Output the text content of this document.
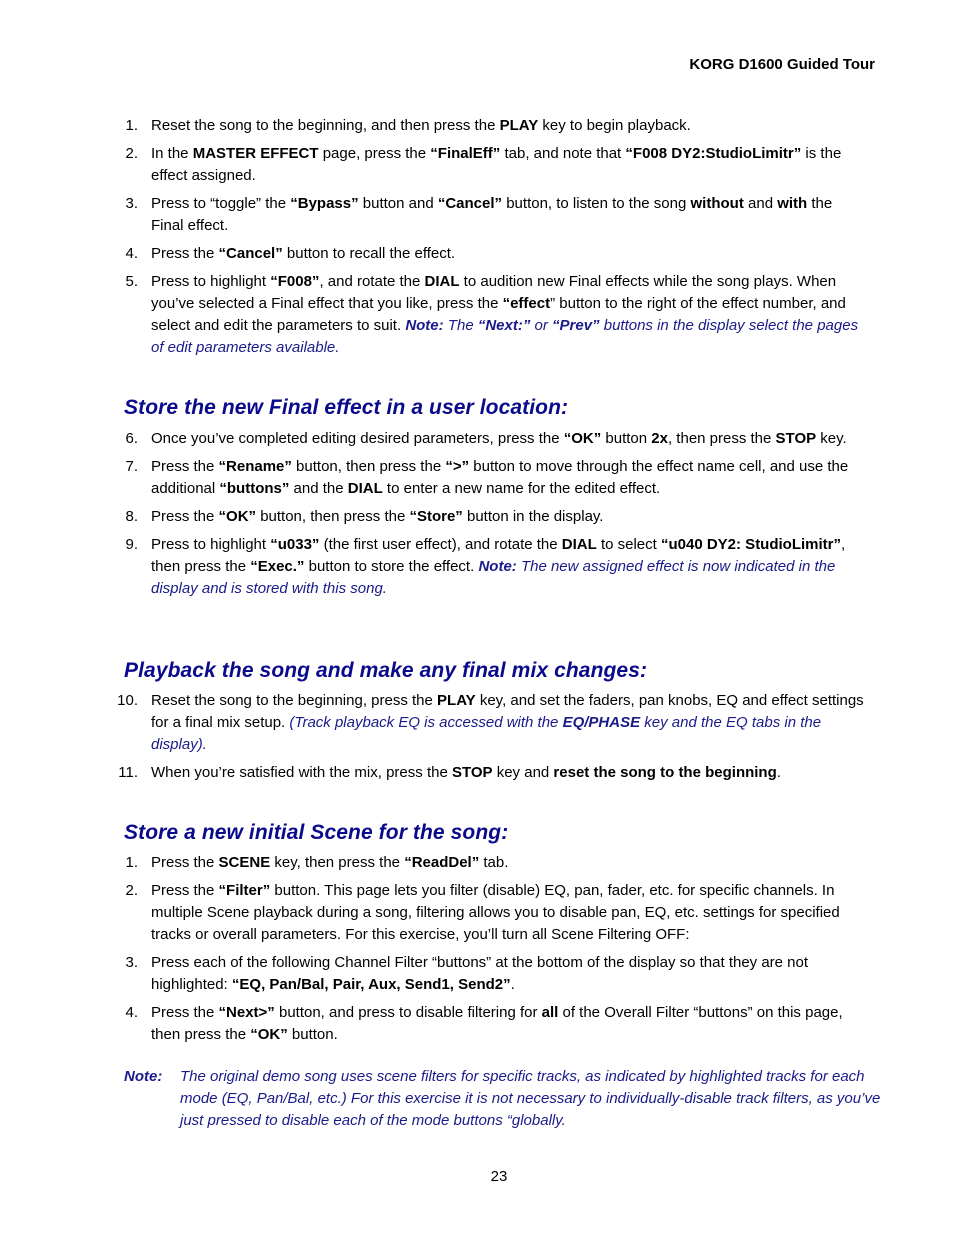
KORG D1600 Guided Tour
1. Reset the song to the beginning, and then press the PLAY key to begin playback.
2. In the MASTER EFFECT page, press the “FinalEff” tab, and note that “F008 DY2:StudioLimitr” is the effect assigned.
3. Press to “toggle” the “Bypass” button and “Cancel” button, to listen to the song without and with the Final effect.
4. Press the “Cancel” button to recall the effect.
5. Press to highlight “F008”, and rotate the DIAL to audition new Final effects while the song plays. When you’ve selected a Final effect that you like, press the “effect” button to the right of the effect number, and select and edit the parameters to suit. Note: The “Next:” or “Prev” buttons in the display select the pages of edit parameters available.
Store the new Final effect in a user location:
6. Once you’ve completed editing desired parameters, press the “OK” button 2x, then press the STOP key.
7. Press the “Rename” button, then press the “>” button to move through the effect name cell, and use the additional “buttons” and the DIAL to enter a new name for the edited effect.
8. Press the “OK” button, then press the “Store” button in the display.
9. Press to highlight “u033” (the first user effect), and rotate the DIAL to select “u040 DY2: StudioLimitr”, then press the “Exec.” button to store the effect. Note: The new assigned effect is now indicated in the display and is stored with this song.
Playback the song and make any final mix changes:
10. Reset the song to the beginning, press the PLAY key, and set the faders, pan knobs, EQ and effect settings for a final mix setup. (Track playback EQ is accessed with the EQ/PHASE key and the EQ tabs in the display).
11. When you’re satisfied with the mix, press the STOP key and reset the song to the beginning.
Store a new initial Scene for the song:
1. Press the SCENE key, then press the “ReadDel” tab.
2. Press the “Filter” button. This page lets you filter (disable) EQ, pan, fader, etc. for specific channels. In multiple Scene playback during a song, filtering allows you to disable pan, EQ, etc. settings for specified tracks or overall parameters. For this exercise, you’ll turn all Scene Filtering OFF:
3. Press each of the following Channel Filter “buttons” at the bottom of the display so that they are not highlighted: “EQ, Pan/Bal, Pair, Aux, Send1, Send2”.
4. Press the “Next>” button, and press to disable filtering for all of the Overall Filter “buttons” on this page, then press the “OK” button.
Note: The original demo song uses scene filters for specific tracks, as indicated by highlighted tracks for each mode (EQ, Pan/Bal, etc.) For this exercise it is not necessary to individually-disable track filters, as you’ve just pressed to disable each of the mode buttons “globally.
23
